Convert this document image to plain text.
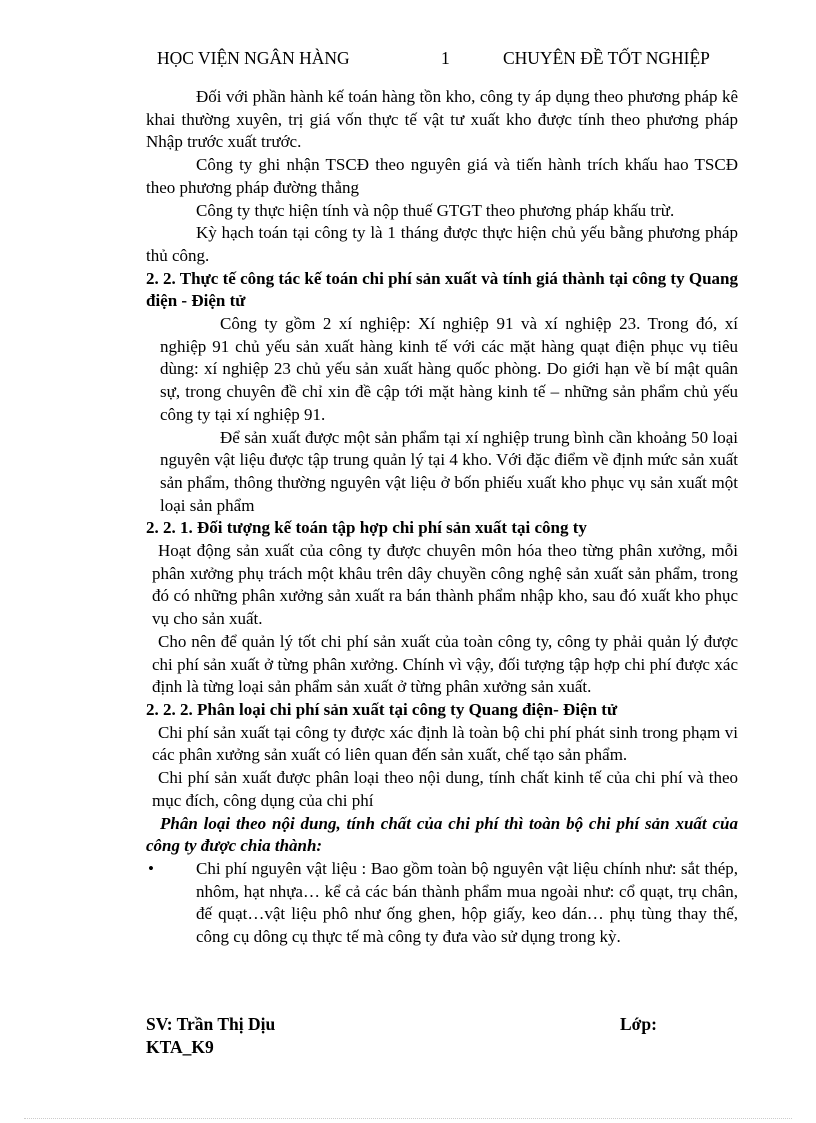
HỌC VIỆN NGÂN HÀNG	1	CHUYÊN ĐỀ TỐT NGHIỆP

Đối với phần hành kế toán hàng tồn kho, công ty áp dụng theo phương pháp kê khai thường xuyên, trị giá vốn thực tế vật tư xuất kho được tính theo phương pháp Nhập trước xuất trước.

Công ty ghi nhận TSCĐ theo nguyên giá và tiến hành trích khấu hao TSCĐ theo phương pháp đường thẳng

Công ty thực hiện tính và nộp thuế GTGT theo phương pháp khấu trừ.

Kỳ hạch toán tại công ty là 1 tháng được thực hiện chủ yếu bằng phương pháp thủ công.

2. 2. Thực tế công tác kế toán chi phí sản xuất và tính giá thành tại công ty Quang điện - Điện tử

Công ty gồm 2 xí nghiệp: Xí nghiệp 91 và xí nghiệp 23. Trong đó, xí nghiệp 91 chủ yếu sản xuất hàng kinh tế với các mặt hàng quạt điện phục vụ tiêu dùng: xí nghiệp 23 chủ yếu sản xuất hàng quốc phòng. Do giới hạn về bí mật quân sự, trong chuyên đề chỉ xin đề cập tới mặt hàng kinh tế – những sản phẩm chủ yếu công ty tại xí nghiệp 91.

Để sản xuất được một sản phẩm tại xí nghiệp trung bình cần khoảng 50 loại nguyên vật liệu được tập trung quản lý tại 4 kho. Với đặc điểm về định mức sản xuất sản phẩm, thông thường nguyên vật liệu ở bốn phiếu xuất kho phục vụ sản xuất một loại sản phẩm

2. 2. 1. Đối tượng kế toán tập hợp chi phí sản xuất tại công ty

Hoạt động sản xuất của công ty được chuyên môn hóa theo từng phân xưởng, mỗi phân xưởng phụ trách một khâu trên dây chuyền công nghệ sản xuất sản phẩm, trong đó có những phân xưởng sản xuất ra bán thành phẩm nhập kho, sau đó xuất kho phục vụ cho sản xuất.

Cho nên để quản lý tốt chi phí sản xuất của toàn công ty, công ty phải quản lý được chi phí sản xuất ở từng phân xưởng. Chính vì vậy, đối tượng tập hợp chi phí được xác định là từng loại sản phẩm sản xuất ở từng phân xưởng sản xuất.

2. 2. 2. Phân loại chi phí sản xuất tại công ty Quang điện- Điện tử

Chi phí sản xuất tại công ty được xác định là toàn bộ chi phí phát sinh trong phạm vi các phân xưởng sản xuất có liên quan đến sản xuất, chế tạo sản phẩm.

Chi phí sản xuất được phân loại theo nội dung, tính chất kinh tế của chi phí và theo mục đích, công dụng của chi phí

Phân loại theo nội dung, tính chất của chi phí thì toàn bộ chi phí sản xuất của công ty được chia thành:

• Chi phí nguyên vật liệu : Bao gồm toàn bộ nguyên vật liệu chính như: sắt thép, nhôm, hạt nhựa… kể cả các bán thành phẩm mua ngoài như: cổ quạt, trụ chân, đế quạt…vật liệu phô như ống ghen, hộp giấy, keo dán… phụ tùng thay thế, công cụ dông cụ thực tế mà công ty đưa vào sử dụng trong kỳ.

SV: Trần Thị Dịu	Lớp:
KTA_K9
